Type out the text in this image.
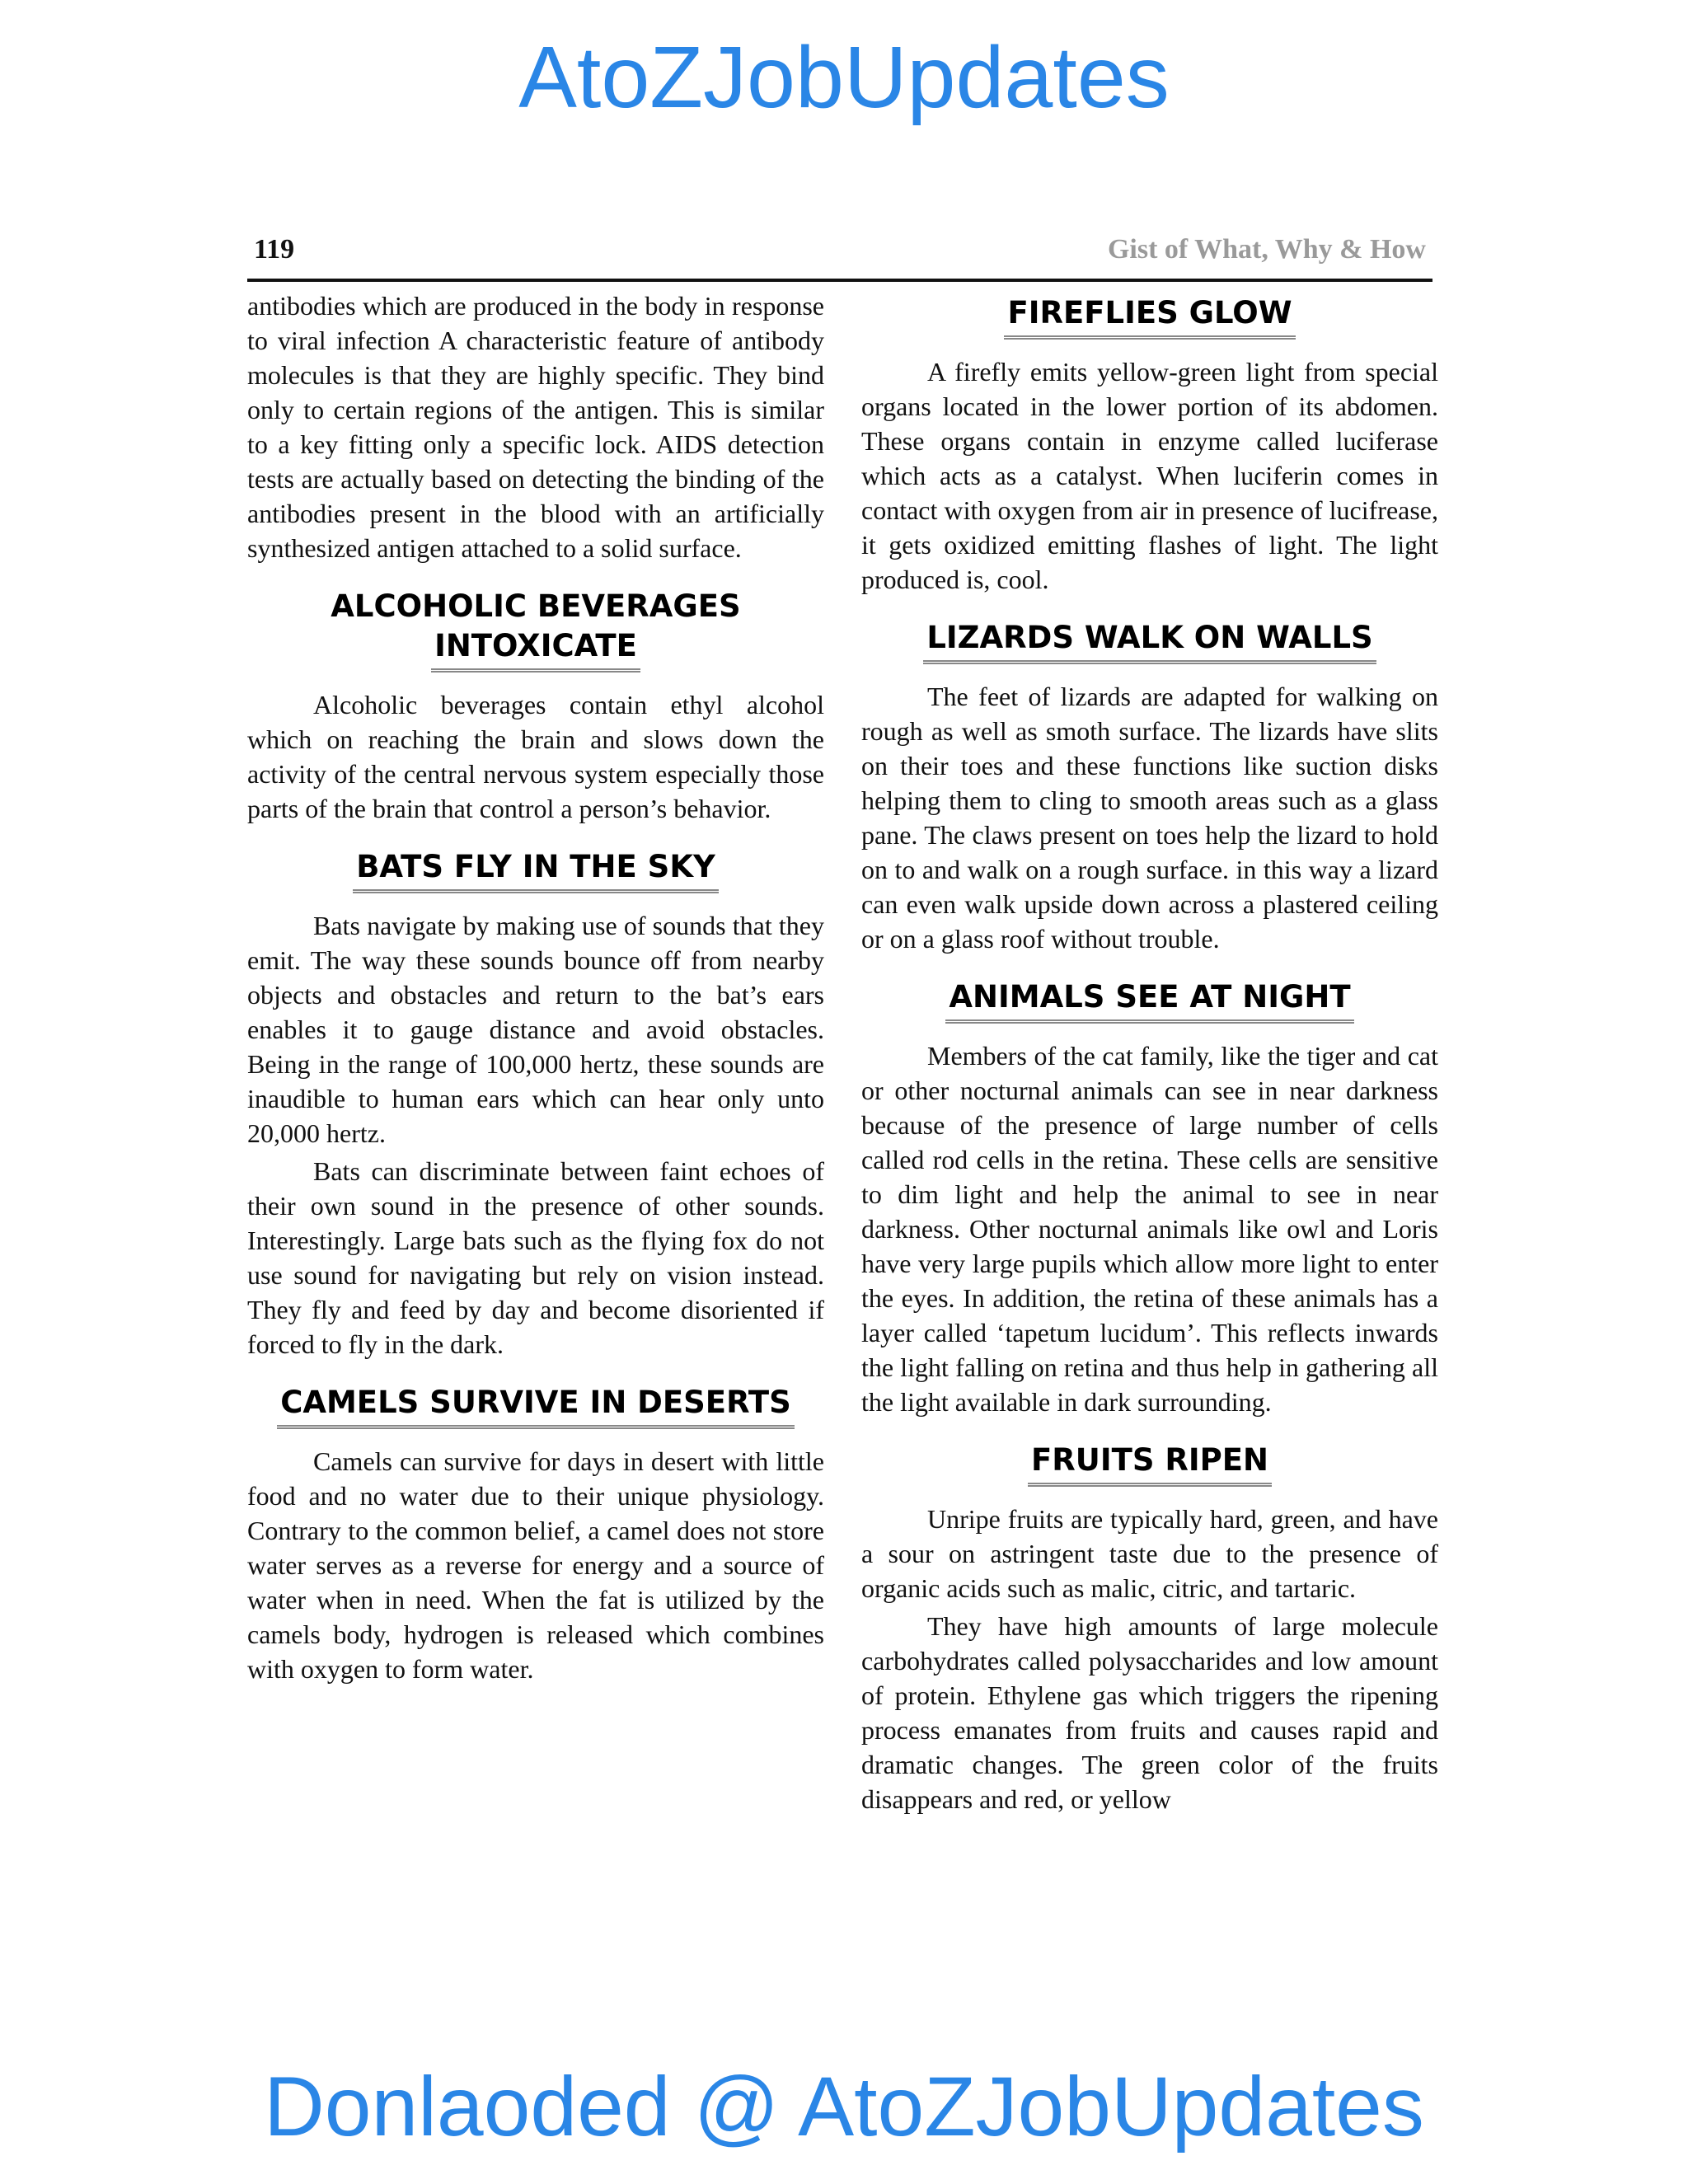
AtoZJobUpdates
119	Gist of What, Why & How

antibodies which are produced in the body in response to viral infection A characteristic feature of antibody molecules is that they are highly specific. They bind only to certain regions of the antigen. This is similar to a key fitting only a specific lock. AIDS detection tests are actually based on detecting the binding of the antibodies present in the blood with an artificially synthesized antigen attached to a solid surface.

ALCOHOLIC BEVERAGES
INTOXICATE

Alcoholic beverages contain ethyl alcohol which on reaching the brain and slows down the activity of the central nervous system especially those parts of the brain that control a person’s behavior.

BATS FLY IN THE SKY

Bats navigate by making use of sounds that they emit. The way these sounds bounce off from nearby objects and obstacles and return to the bat’s ears enables it to gauge distance and avoid obstacles. Being in the range of 100,000 hertz, these sounds are inaudible to human ears which can hear only unto 20,000 hertz.

Bats can discriminate between faint echoes of their own sound in the presence of other sounds. Interestingly. Large bats such as the flying fox do not use sound for navigating but rely on vision instead. They fly and feed by day and become disoriented if forced to fly in the dark.

CAMELS SURVIVE IN DESERTS

Camels can survive for days in desert with little food and no water due to their unique physiology. Contrary to the common belief, a camel does not store water serves as a reverse for energy and a source of water when in need. When the fat is utilized by the camels body, hydrogen is released which combines with oxygen to form water.

FIREFLIES GLOW

A firefly emits yellow-green light from special organs located in the lower portion of its abdomen. These organs contain in enzyme called luciferase which acts as a catalyst. When luciferin comes in contact with oxygen from air in presence of lucifrease, it gets oxidized emitting flashes of light. The light produced is, cool.

LIZARDS WALK ON WALLS

The feet of lizards are adapted for walking on rough as well as smoth surface. The lizards have slits on their toes and these functions like suction disks helping them to cling to smooth areas such as a glass pane. The claws present on toes help the lizard to hold on to and walk on a rough surface. in this way a lizard can even walk upside down across a plastered ceiling or on a glass roof without trouble.

ANIMALS SEE AT NIGHT

Members of the cat family, like the tiger and cat or other nocturnal animals can see in near darkness because of the presence of large number of cells called rod cells in the retina. These cells are sensitive to dim light and help the animal to see in near darkness. Other nocturnal animals like owl and Loris have very large pupils which allow more light to enter the eyes. In addition, the retina of these animals has a layer called ‘tapetum lucidum’. This reflects inwards the light falling on retina and thus help in gathering all the light available in dark surrounding.

FRUITS RIPEN

Unripe fruits are typically hard, green, and have a sour on astringent taste due to the presence of organic acids such as malic, citric, and tartaric.

They have high amounts of large molecule carbohydrates called polysaccharides and low amount of protein. Ethylene gas which triggers the ripening process emanates from fruits and causes rapid and dramatic changes. The green color of the fruits disappears and red, or yellow

Donlaoded @ AtoZJobUpdates
